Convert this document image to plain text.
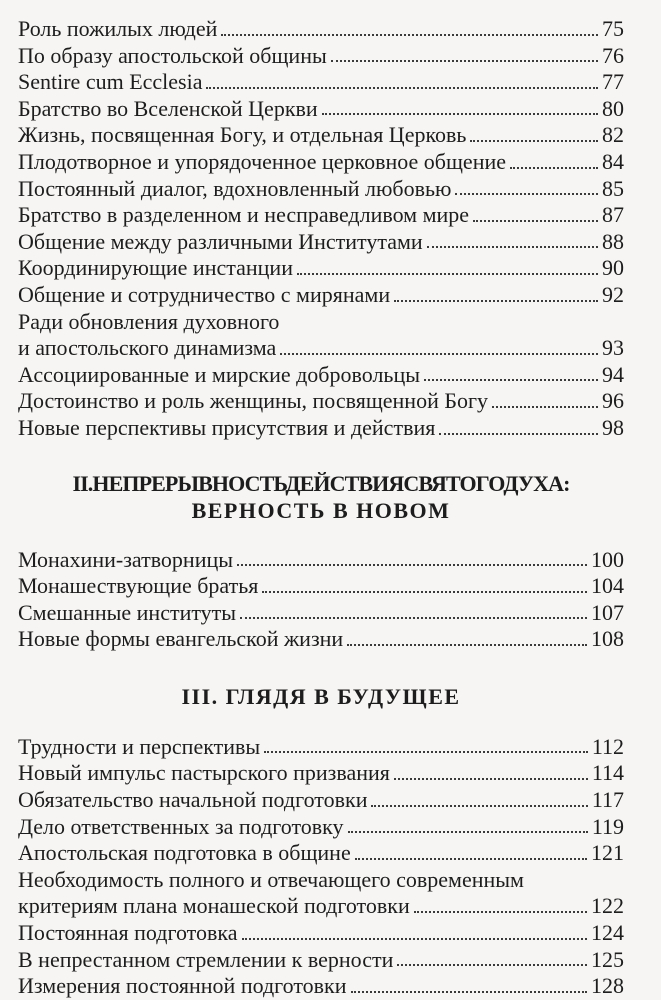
Роль пожилых людей	75
По образу апостольской общины	76
Sentire cum Ecclesia	77
Братство во Вселенской Церкви	80
Жизнь, посвященная Богу, и отдельная Церковь	82
Плодотворное и упорядоченное церковное общение	84
Постоянный диалог, вдохновленный любовью	85
Братство в разделенном и несправедливом мире	87
Общение между различными Институтами	88
Координирующие инстанции	90
Общение и сотрудничество с мирянами	92
Ради обновления духовного
и апостольского динамизма	93
Ассоциированные и мирские добровольцы	94
Достоинство и роль женщины, посвященной Богу	96
Новые перспективы присутствия и действия	98
II.НЕПРЕРЫВНОСТЬДЕЙСТВИЯСВЯТОГОДУХА:
ВЕРНОСТЬ В НОВОМ
Монахини-затворницы	100
Монашествующие братья	104
Смешанные институты	107
Новые формы евангельской жизни	108
III. ГЛЯДЯ В БУДУЩЕЕ
Трудности и перспективы	112
Новый импульс пастырского призвания	114
Обязательство начальной подготовки	117
Дело ответственных за подготовку	119
Апостольская подготовка в общине	121
Необходимость полного и отвечающего современным
критериям плана монашеской подготовки	122
Постоянная подготовка	124
В непрестанном стремлении к верности	125
Измерения постоянной подготовки	128
